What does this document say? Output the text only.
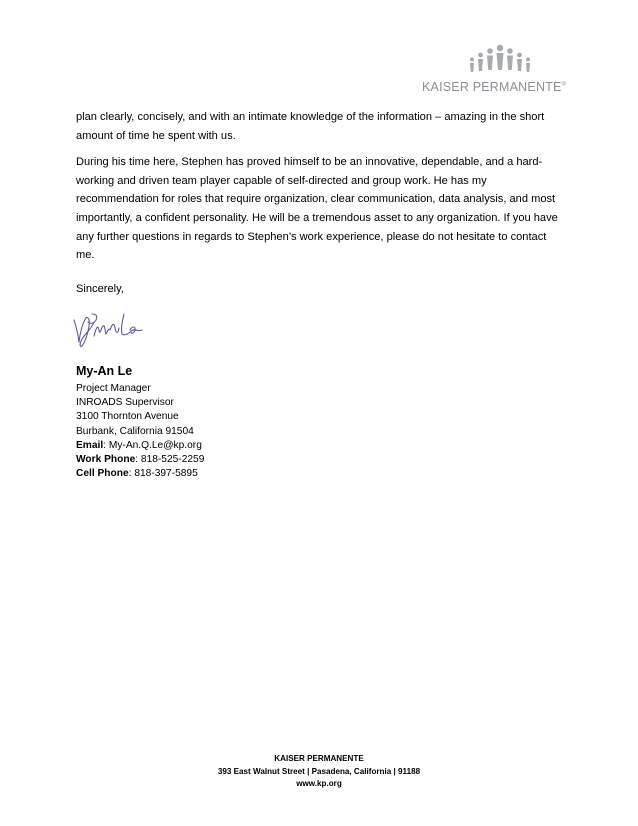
KAISER PERMANENTE®

plan clearly, concisely, and with an intimate knowledge of the information – amazing in the short amount of time he spent with us.

During his time here, Stephen has proved himself to be an innovative, dependable, and a hard-working and driven team player capable of self-directed and group work. He has my recommendation for roles that require organization, clear communication, data analysis, and most importantly, a confident personality. He will be a tremendous asset to any organization. If you have any further questions in regards to Stephen’s work experience, please do not hesitate to contact me.

Sincerely,
My-An Le
Project Manager
INROADS Supervisor
3100 Thornton Avenue
Burbank, California 91504
Email: My-An.Q.Le@kp.org
Work Phone: 818-525-2259
Cell Phone: 818-397-5895
KAISER PERMANENTE
393 East Walnut Street | Pasadena, California | 91188
www.kp.org
